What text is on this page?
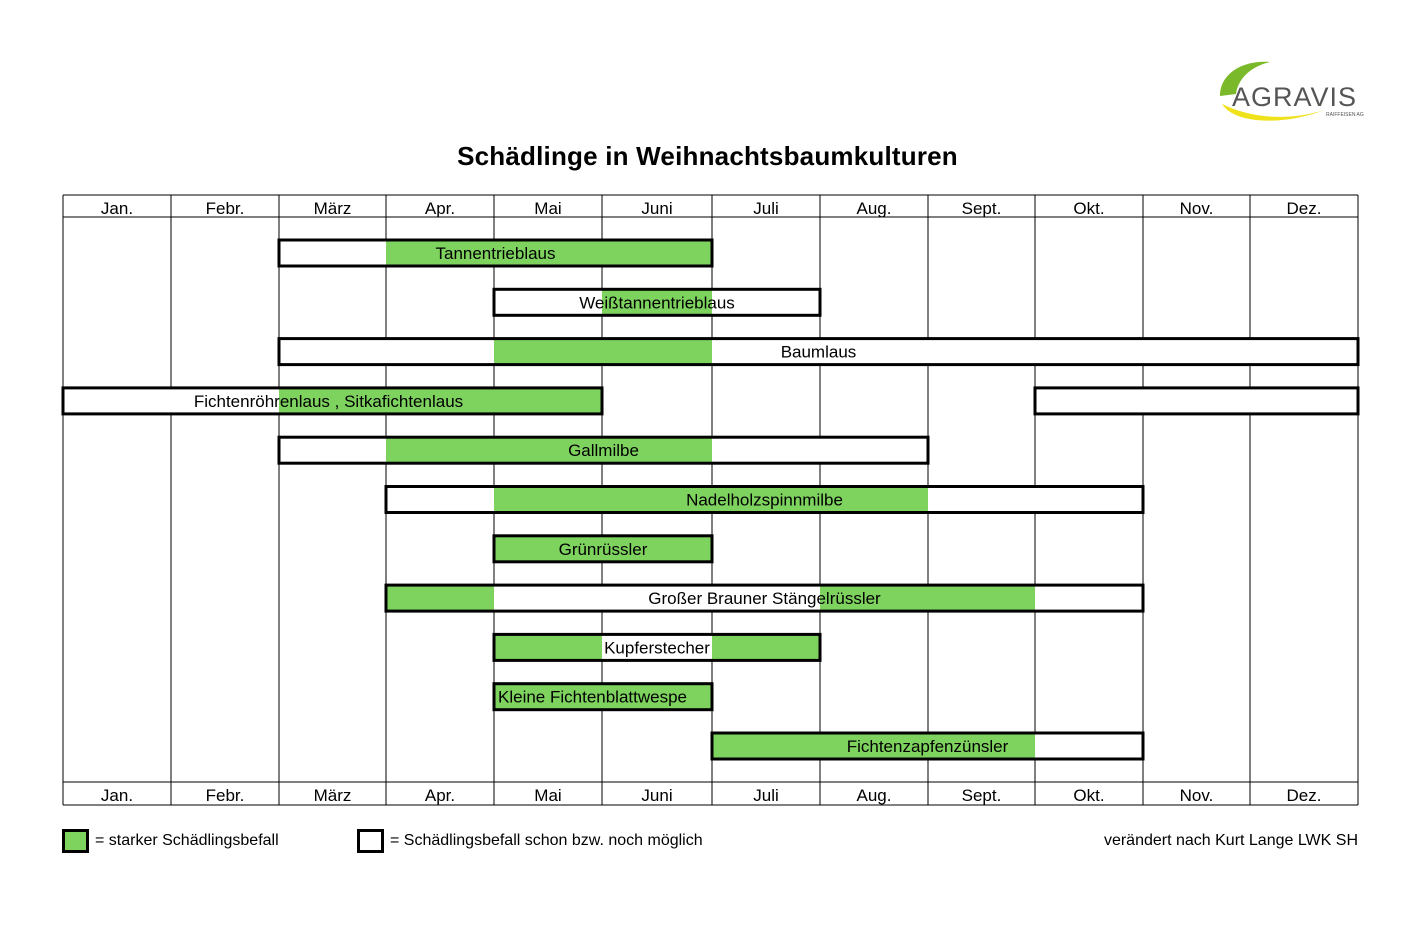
Schädlinge in Weihnachtsbaumkulturen
AGRAVIS
RAIFFEISEN AG
Jan.
Jan.
Febr.
Febr.
März
März
Apr.
Apr.
Mai
Mai
Juni
Juni
Juli
Juli
Aug.
Aug.
Sept.
Sept.
Okt.
Okt.
Nov.
Nov.
Dez.
Dez.
Tannentrieblaus
Weißtannentrieblaus
Baumlaus
Fichtenröhrenlaus , Sitkafichtenlaus
Gallmilbe
Nadelholzspinnmilbe
Grünrüssler
Großer Brauner Stängelrüssler
Kupferstecher
Kleine Fichtenblattwespe
Fichtenzapfenzünsler
= starker Schädlingsbefall	= Schädlingsbefall schon bzw. noch möglich	verändert nach Kurt Lange LWK SH
